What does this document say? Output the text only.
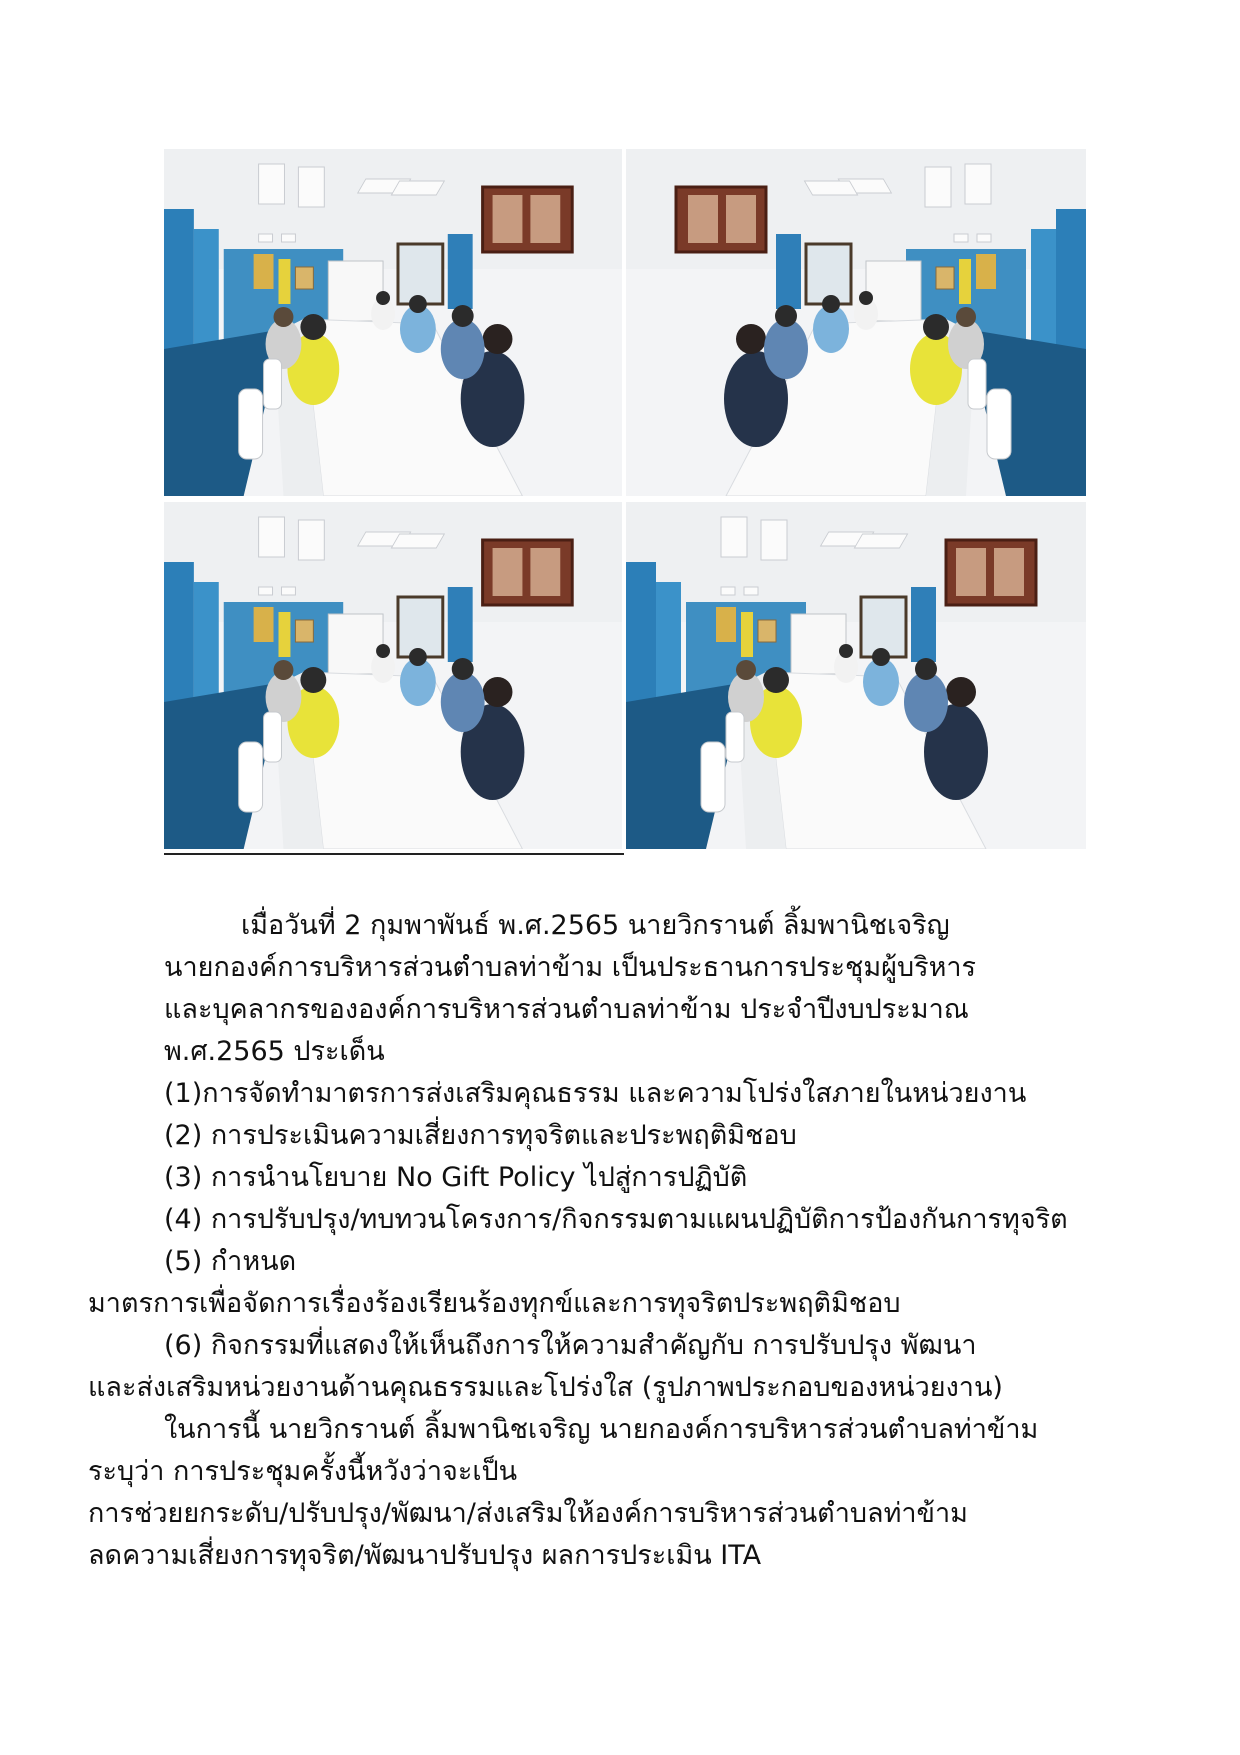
เมื่อวันที่ 2 กุมพาพันธ์ พ.ศ.2565 นายวิกรานต์ ลิ้มพานิชเจริญ
นายกองค์การบริหารส่วนตำบลท่าข้าม เป็นประธานการประชุมผู้บริหาร
และบุคลากรขององค์การบริหารส่วนตำบลท่าข้าม ประจำปีงบประมาณ
พ.ศ.2565 ประเด็น
(1)การจัดทำมาตรการส่งเสริมคุณธรรม และความโปร่งใสภายในหน่วยงาน
(2) การประเมินความเสี่ยงการทุจริตและประพฤติมิชอบ
(3) การนำนโยบาย No Gift Policy ไปสู่การปฏิบัติ
(4) การปรับปรุง/ทบทวนโครงการ/กิจกรรมตามแผนปฏิบัติการป้องกันการทุจริต
(5) กำหนด
มาตรการเพื่อจัดการเรื่องร้องเรียนร้องทุกข์และการทุจริตประพฤติมิชอบ
(6) กิจกรรมที่แสดงให้เห็นถึงการให้ความสำคัญกับ การปรับปรุง พัฒนา
และส่งเสริมหน่วยงานด้านคุณธรรมและโปร่งใส (รูปภาพประกอบของหน่วยงาน)
ในการนี้ นายวิกรานต์ ลิ้มพานิชเจริญ นายกองค์การบริหารส่วนตำบลท่าข้าม
ระบุว่า การประชุมครั้งนี้หวังว่าจะเป็น
การช่วยยกระดับ/ปรับปรุง/พัฒนา/ส่งเสริมให้องค์การบริหารส่วนตำบลท่าข้าม
ลดความเสี่ยงการทุจริต/พัฒนาปรับปรุง ผลการประเมิน ITA
